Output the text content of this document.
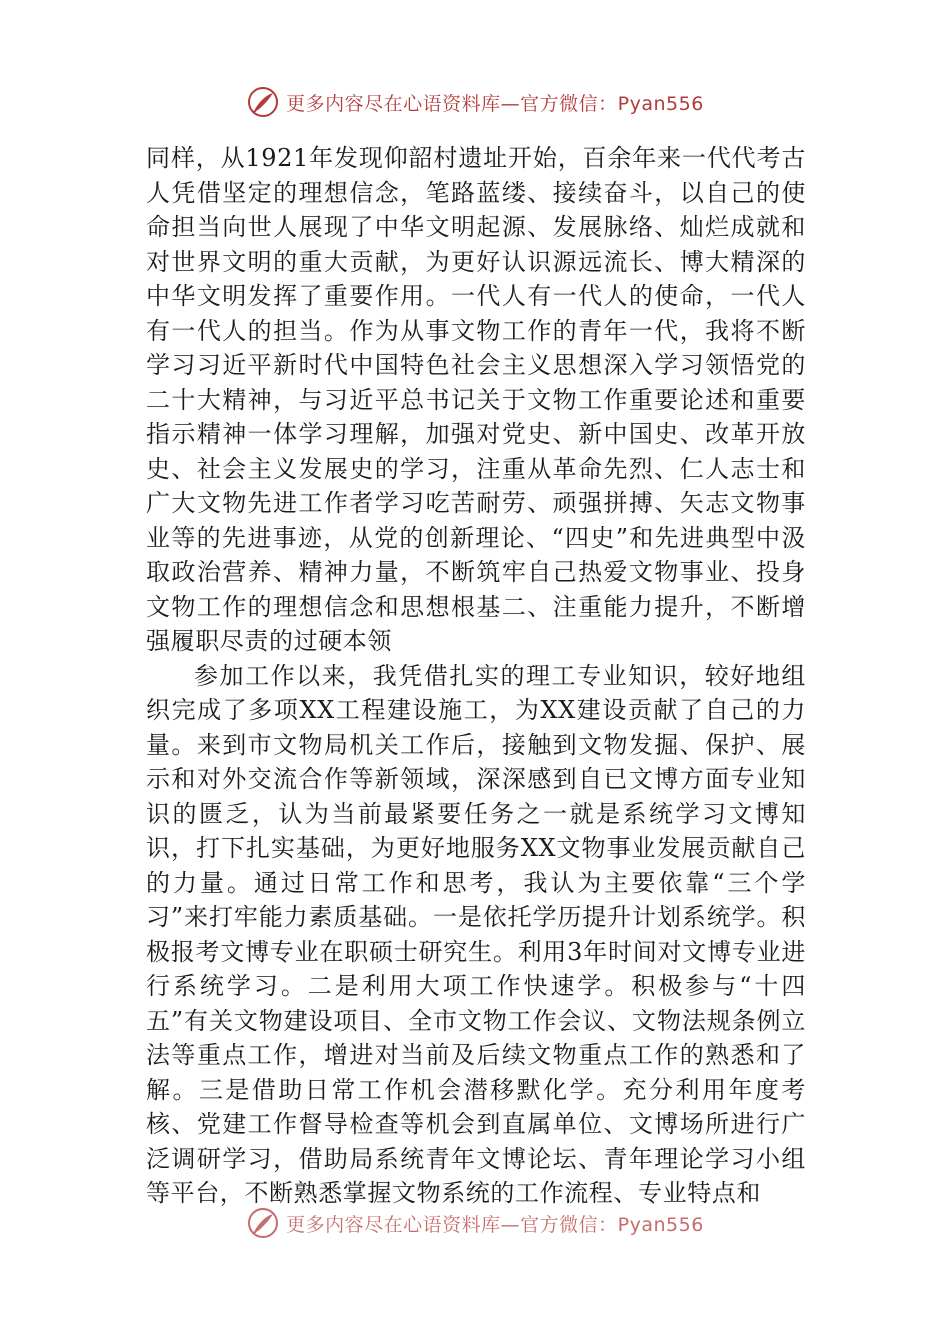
更多内容尽在心语资料库—官方微信：Pyan556

同样，从1921年发现仰韶村遗址开始，百余年来一代代考古人凭借坚定的理想信念，笔路蓝缕、接续奋斗，以自己的使命担当向世人展现了中华文明起源、发展脉络、灿烂成就和对世界文明的重大贡献，为更好认识源远流长、博大精深的中华文明发挥了重要作用。一代人有一代人的使命，一代人有一代人的担当。作为从事文物工作的青年一代，我将不断学习习近平新时代中国特色社会主义思想深入学习领悟党的二十大精神，与习近平总书记关于文物工作重要论述和重要指示精神一体学习理解，加强对党史、新中国史、改革开放史、社会主义发展史的学习，注重从革命先烈、仁人志士和广大文物先进工作者学习吃苦耐劳、顽强拼搏、矢志文物事业等的先进事迹，从党的创新理论、“四史”和先进典型中汲取政治营养、精神力量，不断筑牢自己热爱文物事业、投身文物工作的理想信念和思想根基二、注重能力提升，不断增强履职尽责的过硬本领

参加工作以来，我凭借扎实的理工专业知识，较好地组织完成了多项XX工程建设施工，为XX建设贡献了自己的力量。来到市文物局机关工作后，接触到文物发掘、保护、展示和对外交流合作等新领域，深深感到自已文博方面专业知识的匮乏，认为当前最紧要任务之一就是系统学习文博知识，打下扎实基础，为更好地服务XX文物事业发展贡献自己的力量。通过日常工作和思考，我认为主要依靠“三个学习”来打牢能力素质基础。一是依托学历提升计划系统学。积极报考文博专业在职硕士研究生。利用3年时间对文博专业进行系统学习。二是利用大项工作快速学。积极参与“十四五”有关文物建设项目、全市文物工作会议、文物法规条例立法等重点工作，增进对当前及后续文物重点工作的熟悉和了解。三是借助日常工作机会潜移默化学。充分利用年度考核、党建工作督导检查等机会到直属单位、文博场所进行广泛调研学习，借助局系统青年文博论坛、青年理论学习小组等平台，不断熟悉掌握文物系统的工作流程、专业特点和

更多内容尽在心语资料库—官方微信：Pyan556
